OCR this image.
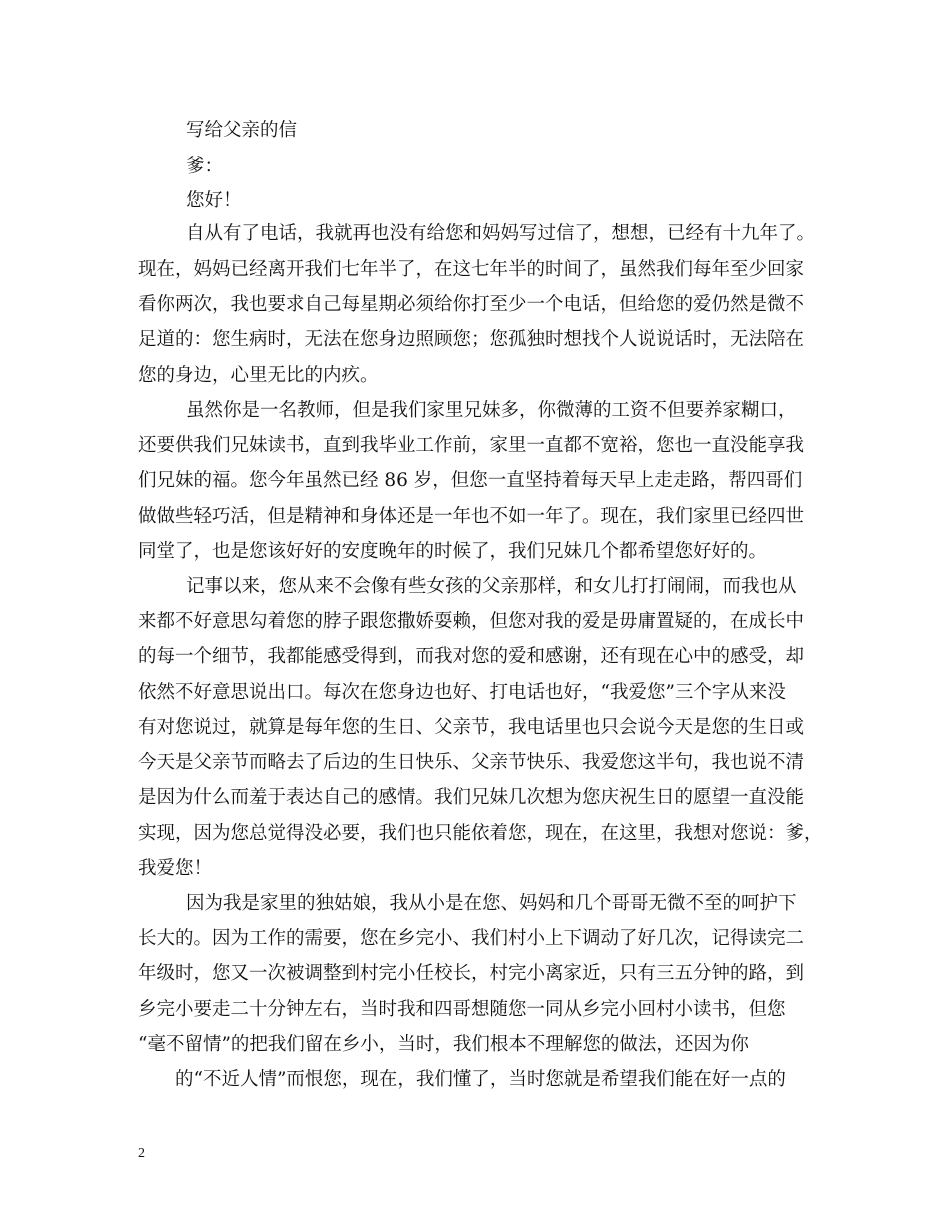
写给父亲的信
爹：
您好！
自从有了电话，我就再也没有给您和妈妈写过信了，想想，已经有十九年了。
现在，妈妈已经离开我们七年半了，在这七年半的时间了，虽然我们每年至少回家
看你两次，我也要求自己每星期必须给你打至少一个电话，但给您的爱仍然是微不
足道的：您生病时，无法在您身边照顾您；您孤独时想找个人说说话时，无法陪在
您的身边，心里无比的内疚。
虽然你是一名教师，但是我们家里兄妹多，你微薄的工资不但要养家糊口，
还要供我们兄妹读书，直到我毕业工作前，家里一直都不宽裕，您也一直没能享我
们兄妹的福。您今年虽然已经 86 岁，但您一直坚持着每天早上走走路，帮四哥们
做做些轻巧活，但是精神和身体还是一年也不如一年了。现在，我们家里已经四世
同堂了，也是您该好好的安度晚年的时候了，我们兄妹几个都希望您好好的。
记事以来，您从来不会像有些女孩的父亲那样，和女儿打打闹闹，而我也从
来都不好意思勾着您的脖子跟您撒娇耍赖，但您对我的爱是毋庸置疑的，在成长中
的每一个细节，我都能感受得到，而我对您的爱和感谢，还有现在心中的感受，却
依然不好意思说出口。每次在您身边也好、打电话也好，“我爱您”三个字从来没
有对您说过，就算是每年您的生日、父亲节，我电话里也只会说今天是您的生日或
今天是父亲节而略去了后边的生日快乐、父亲节快乐、我爱您这半句，我也说不清
是因为什么而羞于表达自己的感情。我们兄妹几次想为您庆祝生日的愿望一直没能
实现，因为您总觉得没必要，我们也只能依着您，现在，在这里，我想对您说：爹，
我爱您！
因为我是家里的独姑娘，我从小是在您、妈妈和几个哥哥无微不至的呵护下
长大的。因为工作的需要，您在乡完小、我们村小上下调动了好几次，记得读完二
年级时，您又一次被调整到村完小任校长，村完小离家近，只有三五分钟的路，到
乡完小要走二十分钟左右，当时我和四哥想随您一同从乡完小回村小读书，但您
“毫不留情”的把我们留在乡小，当时，我们根本不理解您的做法，还因为你
的“不近人情”而恨您，现在，我们懂了，当时您就是希望我们能在好一点的
2
